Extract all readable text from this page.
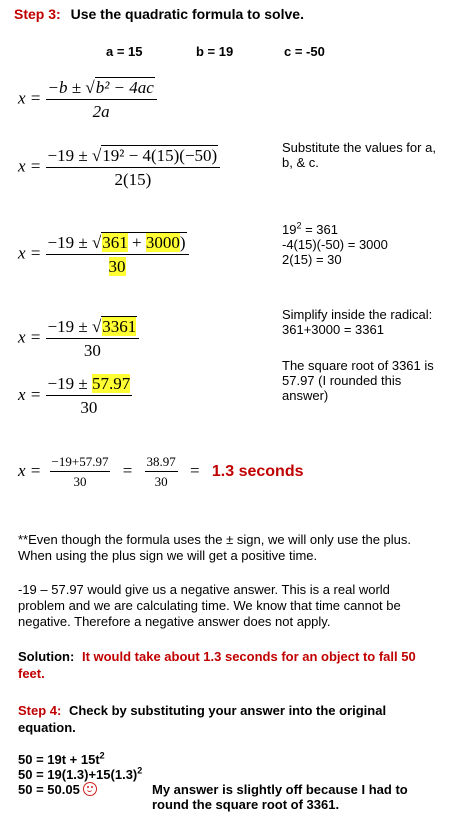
Step 3: Use the quadratic formula to solve.
a = 15	b = 19	c = -50
$x = \frac{\text{−b ± √b² − 4ac}}{2a}$
$x = \frac{\text{−19 ± √19² − 4(15)(−50)}}{2(15)}$	Substitute the values for a,
b, & c.
$x = \frac{-19 \pm √361 + 3000)}{30}$
$19^2 = 361$
-4(15)(-50) = 3000
2(15) = 30
$x = \frac{-19 \pm √3361}{30}$
Simplify inside the radical:
361+3000 = 3361
$x = \frac{-19 \pm 57.97}{30}$
The square root of 3361 is
57.97 (I rounded this
answer)
$x = \frac{-19+57.97}{30} = \frac{38.97}{30} = 1.3$ seconds
**Even though the formula uses the ± sign, we will only use the plus.
When using the plus sign we will get a positive time.
-19 – 57.97 would give us a negative answer. This is a real world
problem and we are calculating time. We know that time cannot be
negative. Therefore a negative answer does not apply.
Solution: It would take about 1.3 seconds for an object to fall 50
feet.
Step 4: Check by substituting your answer into the original
equation.
$50 = 19t + 15t^2$
$50 = 19(1.3)+15(1.3)^2$
50 = 50.05	My answer is slightly off because I had to
round the square root of 3361.
